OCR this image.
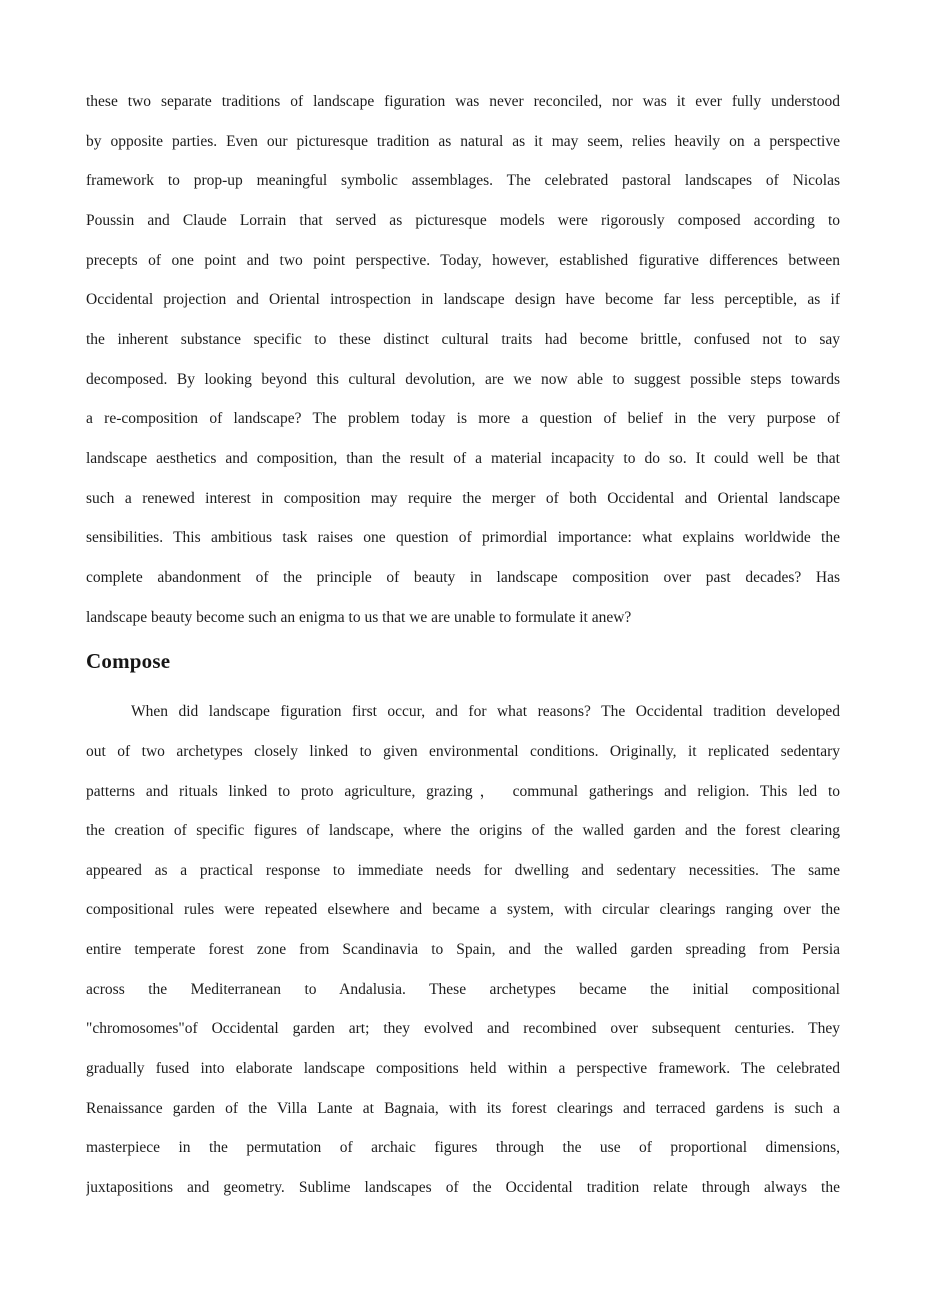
these two separate traditions of landscape figuration was never reconciled, nor was it ever fully understood
by opposite parties. Even our picturesque tradition as natural as it may seem, relies heavily on a perspective
framework to prop-up meaningful symbolic assemblages. The celebrated pastoral landscapes of Nicolas
Poussin and Claude Lorrain that served as picturesque models were rigorously composed according to
precepts of one point and two point perspective. Today, however, established figurative differences between
Occidental projection and Oriental introspection in landscape design have become far less perceptible, as if
the inherent substance specific to these distinct cultural traits had become brittle, confused not to say
decomposed. By looking beyond this cultural devolution, are we now able to suggest possible steps towards
a re-composition of landscape? The problem today is more a question of belief in the very purpose of
landscape aesthetics and composition, than the result of a material incapacity to do so. It could well be that
such a renewed interest in composition may require the merger of both Occidental and Oriental landscape
sensibilities. This ambitious task raises one question of primordial importance: what explains worldwide the
complete abandonment of the principle of beauty in landscape composition over past decades? Has
landscape beauty become such an enigma to us that we are unable to formulate it anew?
Compose
When did landscape figuration first occur, and for what reasons? The Occidental tradition developed
out of two archetypes closely linked to given environmental conditions. Originally, it replicated sedentary
patterns and rituals linked to proto agriculture, grazing， communal gatherings and religion. This led to
the creation of specific figures of landscape, where the origins of the walled garden and the forest clearing
appeared as a practical response to immediate needs for dwelling and sedentary necessities. The same
compositional rules were repeated elsewhere and became a system, with circular clearings ranging over the
entire temperate forest zone from Scandinavia to Spain, and the walled garden spreading from Persia
across the Mediterranean to Andalusia. These archetypes became the initial compositional
"chromosomes"of Occidental garden art; they evolved and recombined over subsequent centuries. They
gradually fused into elaborate landscape compositions held within a perspective framework. The celebrated
Renaissance garden of the Villa Lante at Bagnaia, with its forest clearings and terraced gardens is such a
masterpiece in the permutation of archaic figures through the use of proportional dimensions,
juxtapositions and geometry. Sublime landscapes of the Occidental tradition relate through always the
